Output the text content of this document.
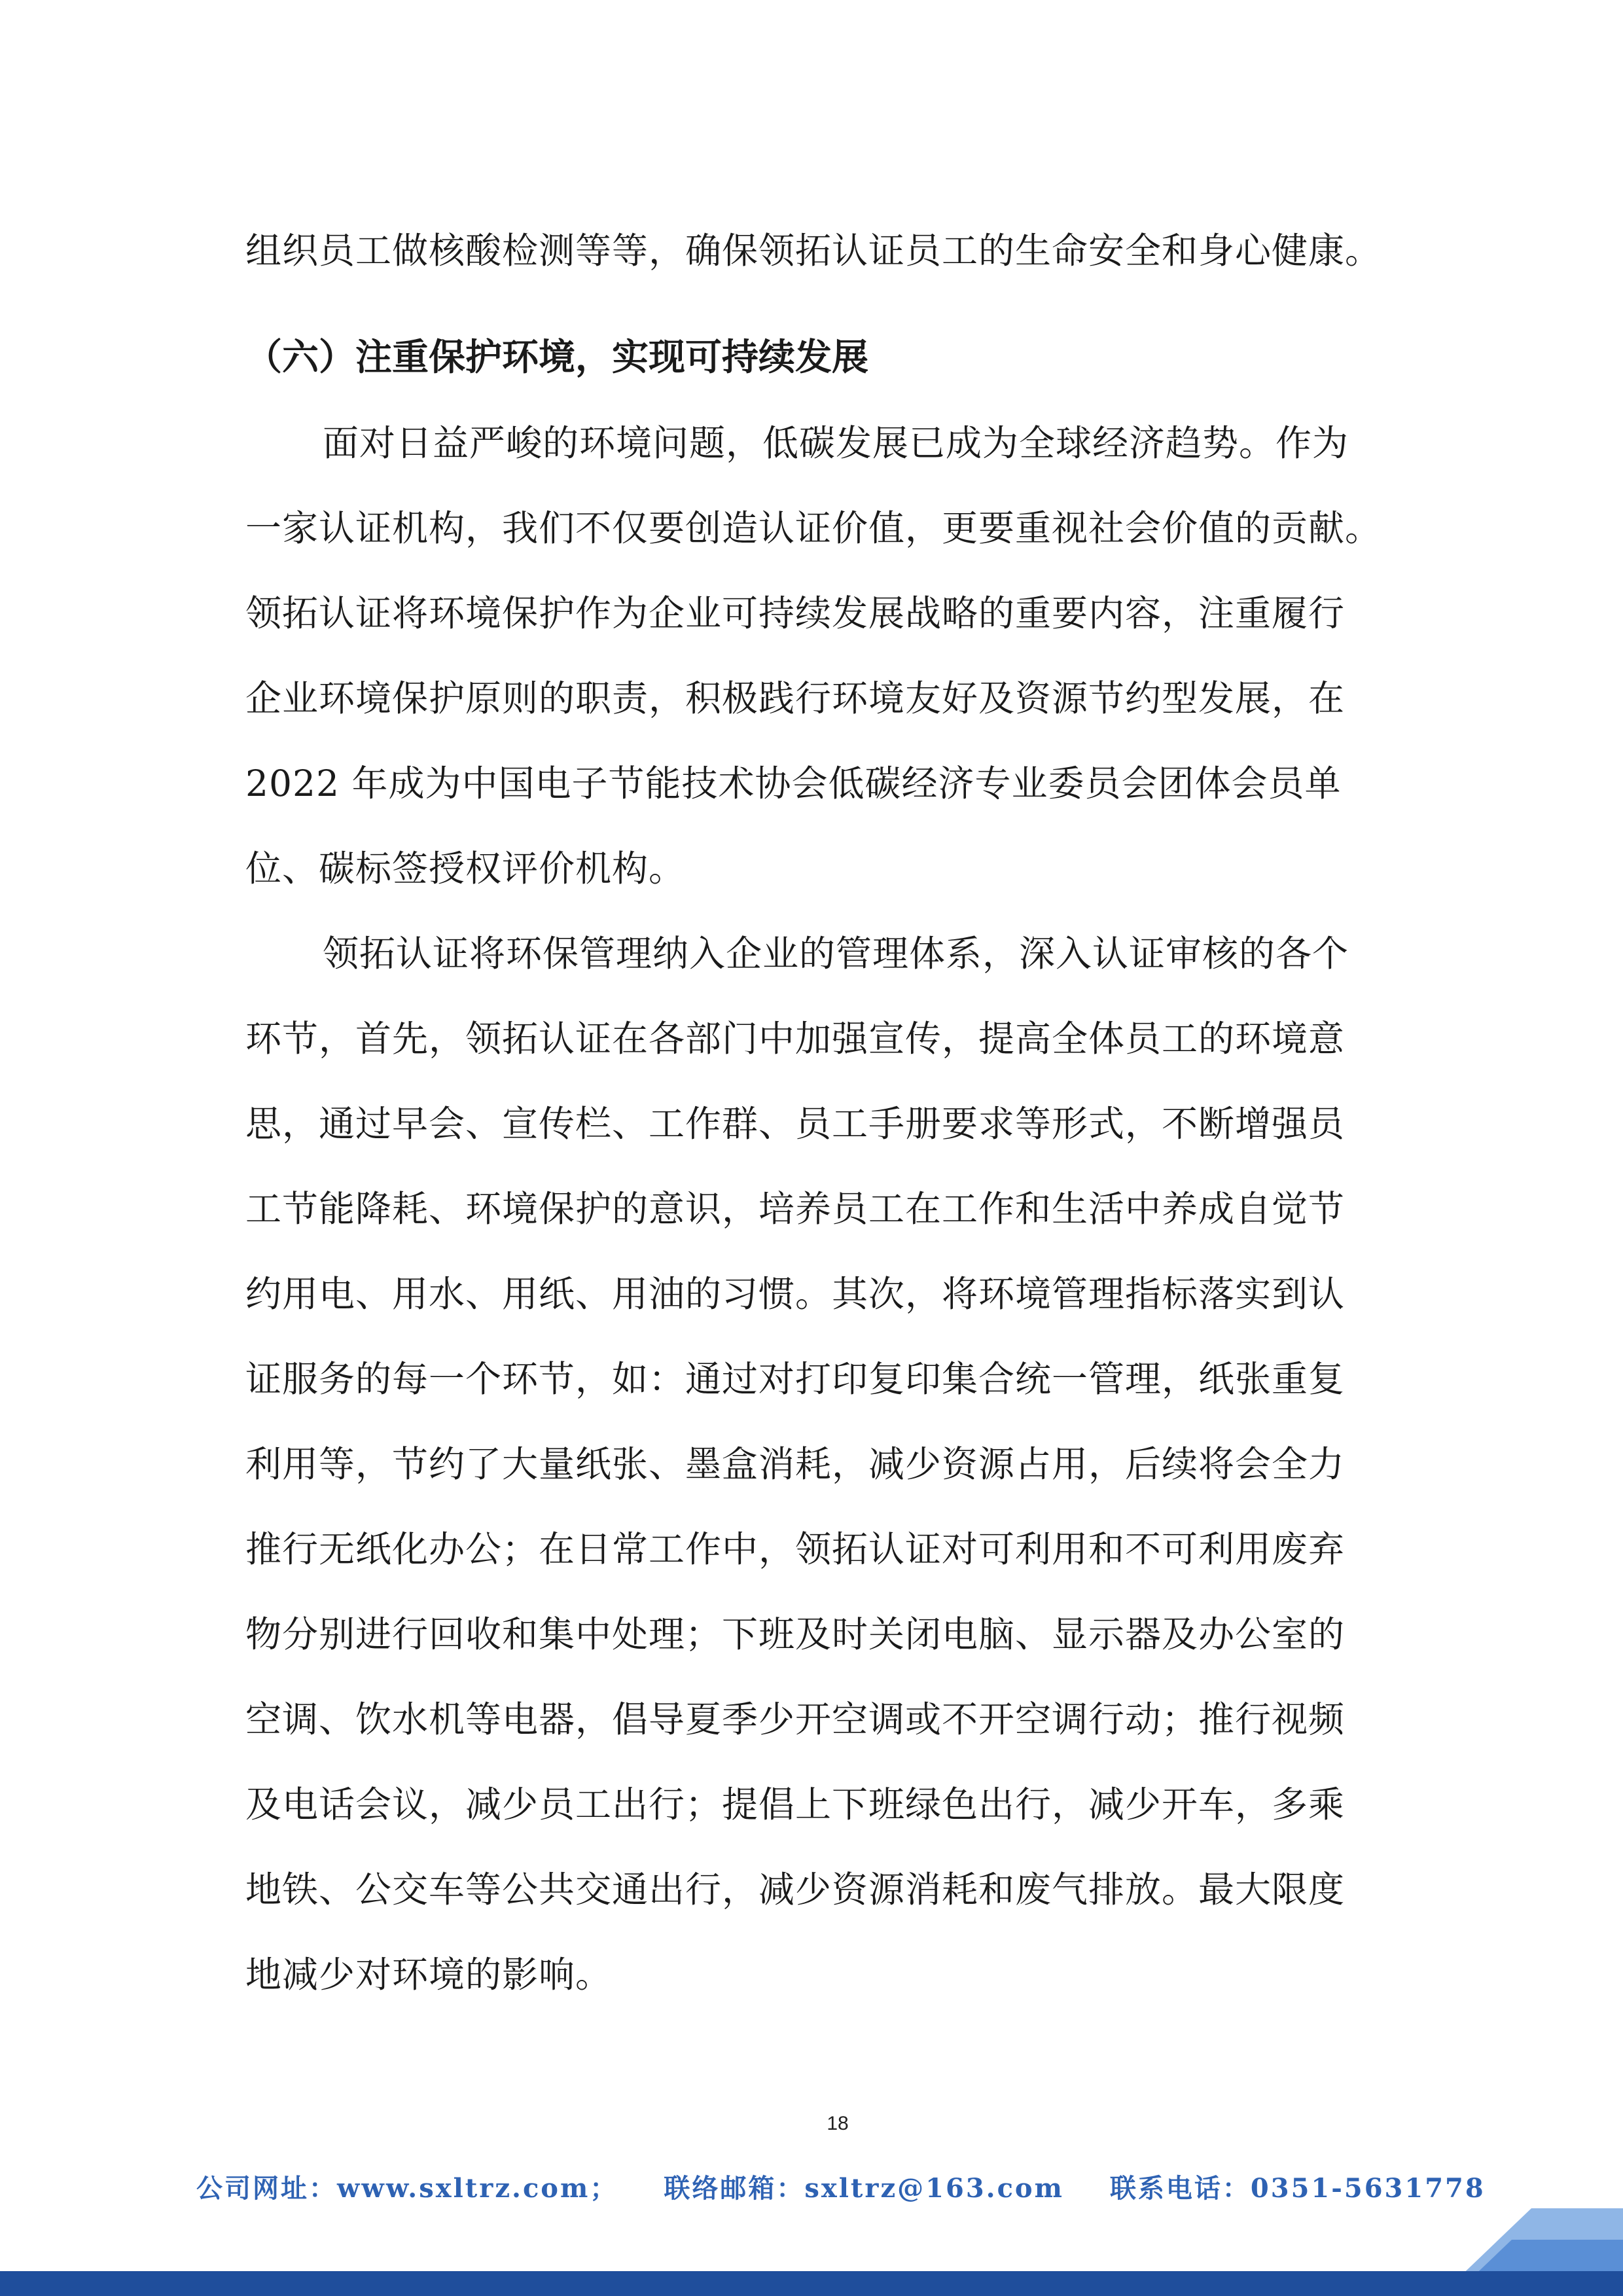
组织员工做核酸检测等等，确保领拓认证员工的生命安全和身心健康。
（六）注重保护环境，实现可持续发展
面对日益严峻的环境问题，低碳发展已成为全球经济趋势。作为
一家认证机构，我们不仅要创造认证价值，更要重视社会价值的贡献。
领拓认证将环境保护作为企业可持续发展战略的重要内容，注重履行
企业环境保护原则的职责，积极践行环境友好及资源节约型发展，在
2022 年成为中国电子节能技术协会低碳经济专业委员会团体会员单
位、碳标签授权评价机构。
领拓认证将环保管理纳入企业的管理体系，深入认证审核的各个
环节，首先，领拓认证在各部门中加强宣传，提高全体员工的环境意
思，通过早会、宣传栏、工作群、员工手册要求等形式，不断增强员
工节能降耗、环境保护的意识，培养员工在工作和生活中养成自觉节
约用电、用水、用纸、用油的习惯。其次，将环境管理指标落实到认
证服务的每一个环节，如：通过对打印复印集合统一管理，纸张重复
利用等，节约了大量纸张、墨盒消耗，减少资源占用，后续将会全力
推行无纸化办公；在日常工作中，领拓认证对可利用和不可利用废弃
物分别进行回收和集中处理；下班及时关闭电脑、显示器及办公室的
空调、饮水机等电器，倡导夏季少开空调或不开空调行动；推行视频
及电话会议，减少员工出行；提倡上下班绿色出行，减少开车，多乘
地铁、公交车等公共交通出行，减少资源消耗和废气排放。最大限度
地减少对环境的影响。
18
公司网址：www.sxltrz.com； 联络邮箱：sxltrz@163.com 联系电话：0351-5631778
